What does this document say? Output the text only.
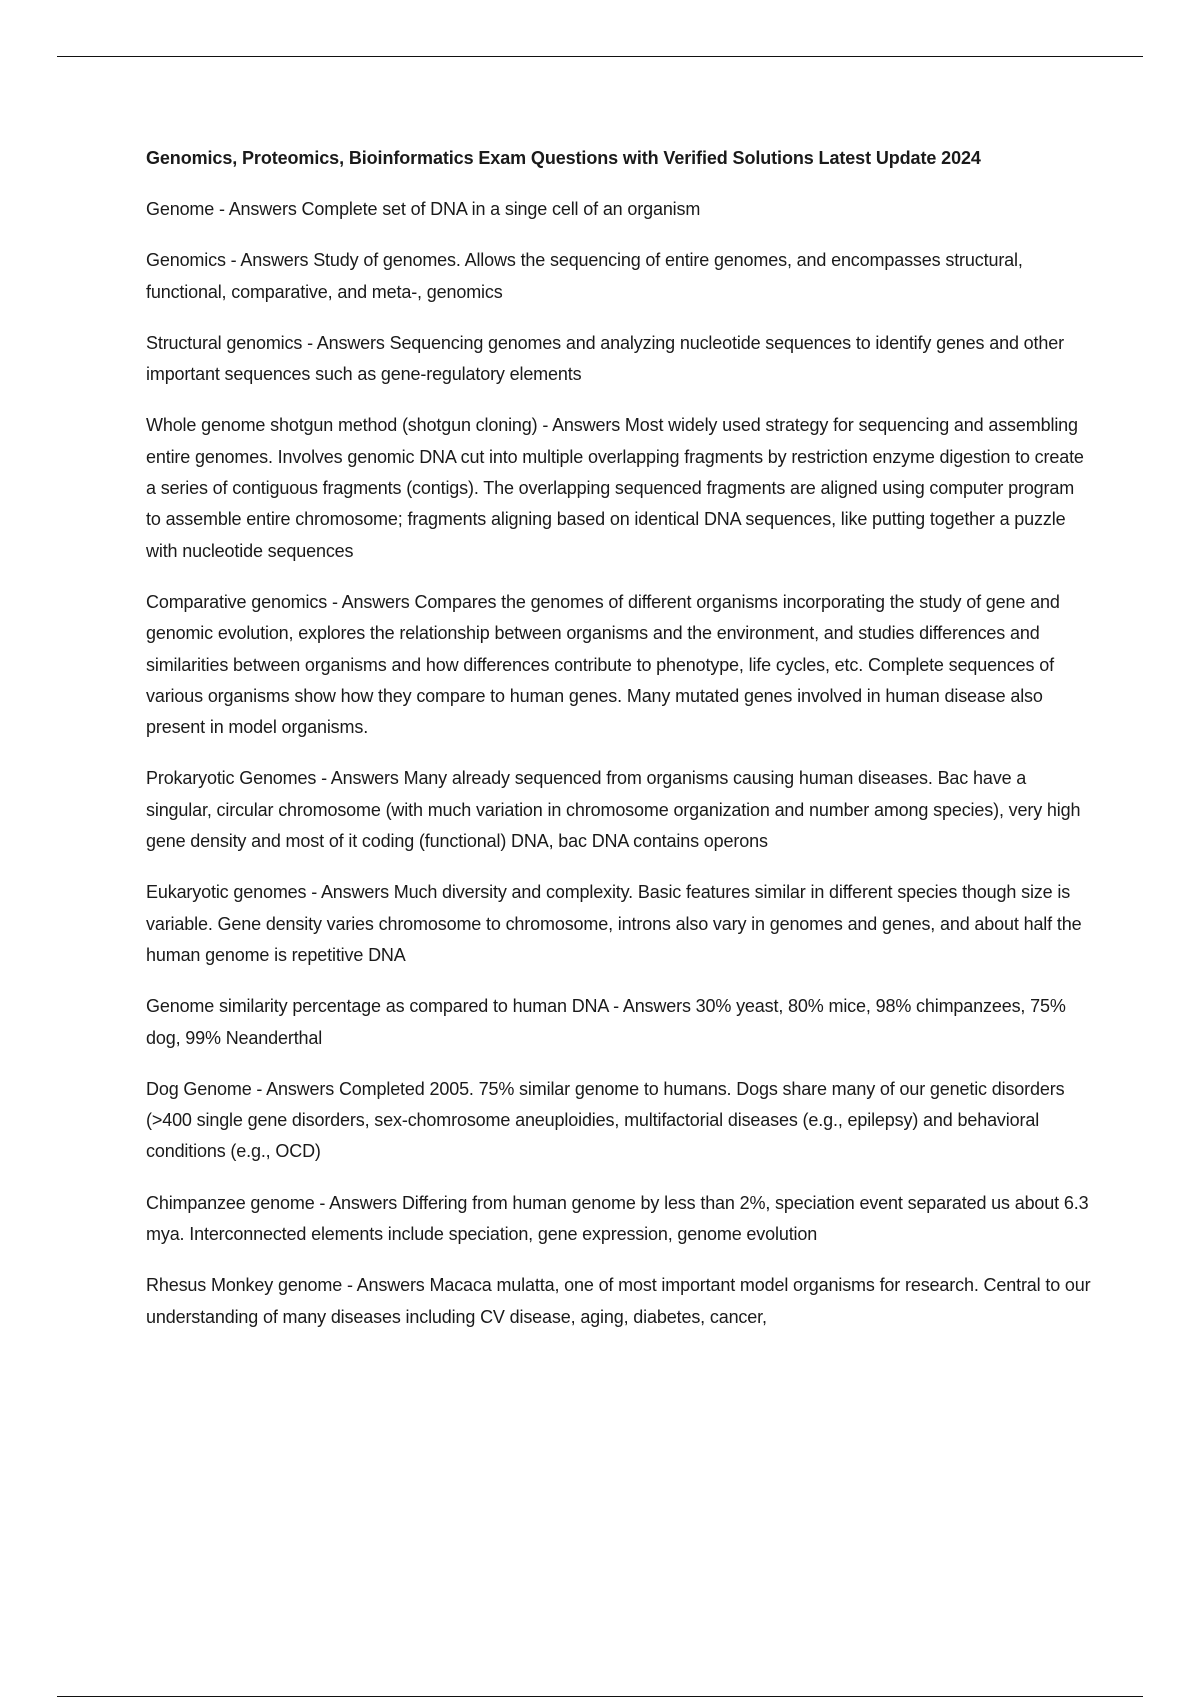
Genomics, Proteomics, Bioinformatics Exam Questions with Verified Solutions Latest Update 2024

Genome - Answers Complete set of DNA in a singe cell of an organism

Genomics - Answers Study of genomes. Allows the sequencing of entire genomes, and encompasses structural, functional, comparative, and meta-, genomics

Structural genomics - Answers Sequencing genomes and analyzing nucleotide sequences to identify genes and other important sequences such as gene-regulatory elements

Whole genome shotgun method (shotgun cloning) - Answers Most widely used strategy for sequencing and assembling entire genomes. Involves genomic DNA cut into multiple overlapping fragments by restriction enzyme digestion to create a series of contiguous fragments (contigs). The overlapping sequenced fragments are aligned using computer program to assemble entire chromosome; fragments aligning based on identical DNA sequences, like putting together a puzzle with nucleotide sequences

Comparative genomics - Answers Compares the genomes of different organisms incorporating the study of gene and genomic evolution, explores the relationship between organisms and the environment, and studies differences and similarities between organisms and how differences contribute to phenotype, life cycles, etc. Complete sequences of various organisms show how they compare to human genes. Many mutated genes involved in human disease also present in model organisms.

Prokaryotic Genomes - Answers Many already sequenced from organisms causing human diseases. Bac have a singular, circular chromosome (with much variation in chromosome organization and number among species), very high gene density and most of it coding (functional) DNA, bac DNA contains operons

Eukaryotic genomes - Answers Much diversity and complexity. Basic features similar in different species though size is variable. Gene density varies chromosome to chromosome, introns also vary in genomes and genes, and about half the human genome is repetitive DNA

Genome similarity percentage as compared to human DNA - Answers 30% yeast, 80% mice, 98% chimpanzees, 75% dog, 99% Neanderthal

Dog Genome - Answers Completed 2005. 75% similar genome to humans. Dogs share many of our genetic disorders (>400 single gene disorders, sex-chomrosome aneuploidies, multifactorial diseases (e.g., epilepsy) and behavioral conditions (e.g., OCD)

Chimpanzee genome - Answers Differing from human genome by less than 2%, speciation event separated us about 6.3 mya. Interconnected elements include speciation, gene expression, genome evolution

Rhesus Monkey genome - Answers Macaca mulatta, one of most important model organisms for research. Central to our understanding of many diseases including CV disease, aging, diabetes, cancer,
